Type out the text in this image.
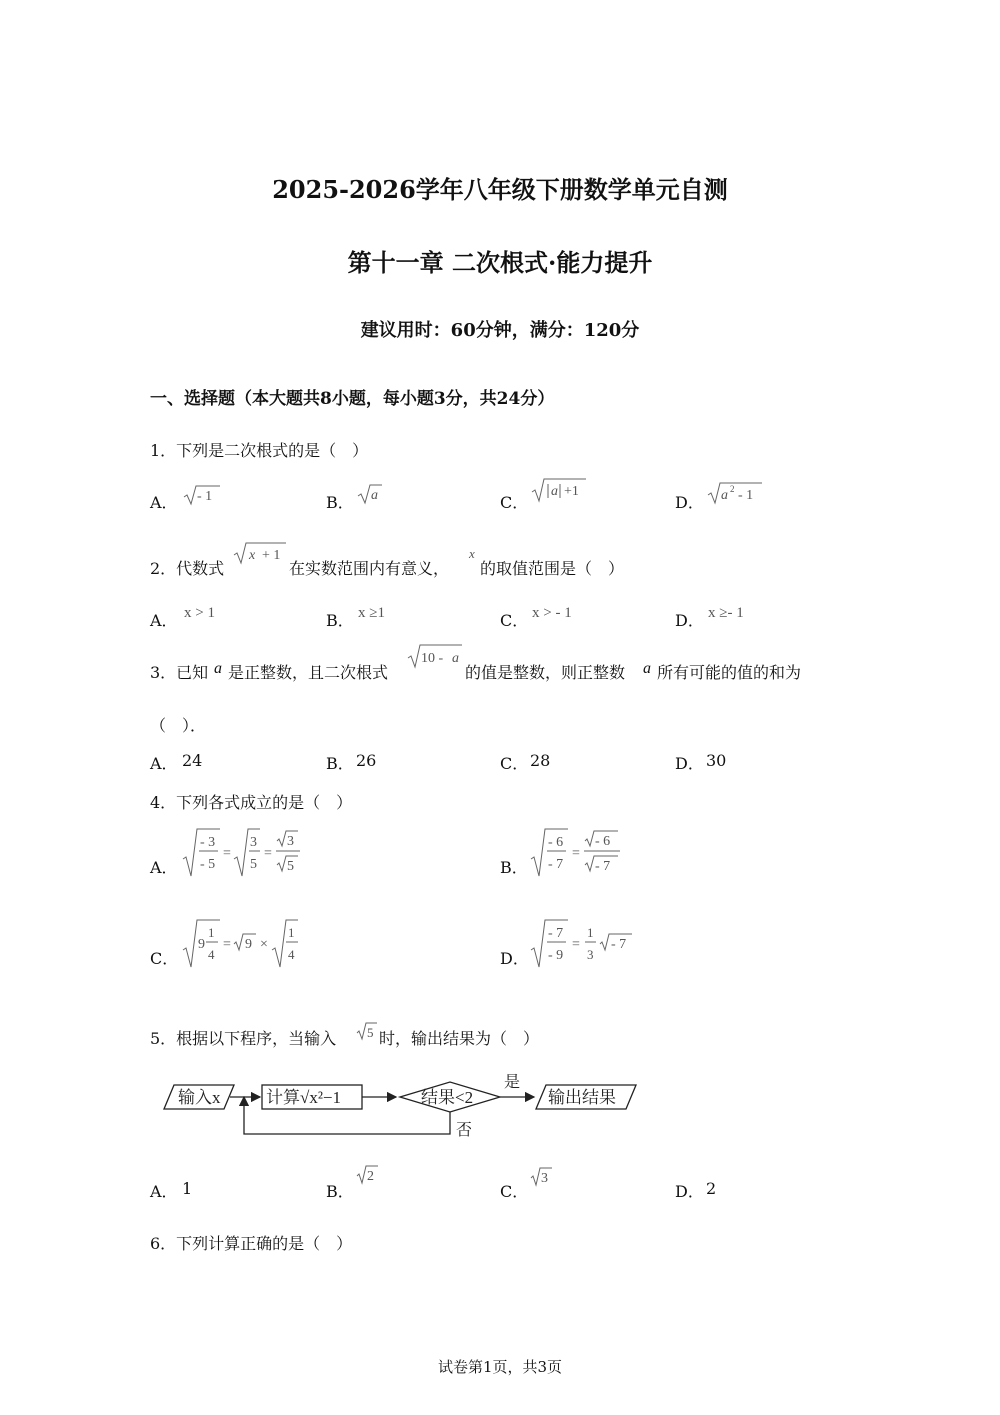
2025-2026学年八年级下册数学单元自测
第十一章 二次根式·能力提升
建议用时：60分钟，满分：120分
一、选择题（本大题共8小题，每小题3分，共24分）
1．下列是二次根式的是（　）
A． - 1	B． a	C．
a +1
D． a 2 - 1
2．代数式
x + 1
在实数范围内有意义，
x
的取值范围是（　）
A． x > 1	B． x ≥1	C． x > - 1	D． x ≥- 1
3．已知 a 是正整数，且二次根式
10 - a
的值是整数，则正整数 a 所有可能的值的和为
（　）．
A． 24	B． 26	C． 28	D． 30
4．下列各式成立的是（　）
A．
- 3
- 5
=
3
5
=
3
5	B．
- 6
- 7
=
- 6
- 7
C．
9
1
4
= 9 ×
1
4	D．
- 7
- 9
=
1
3
- 7
5．根据以下程序，当输入 5 时，输出结果为（　）
输入x	计算√x²−1	结果<2
是
输出结果
否
A． 1	B．
2
C．
3
D． 2
6．下列计算正确的是（　）
试卷第1页，共3页
